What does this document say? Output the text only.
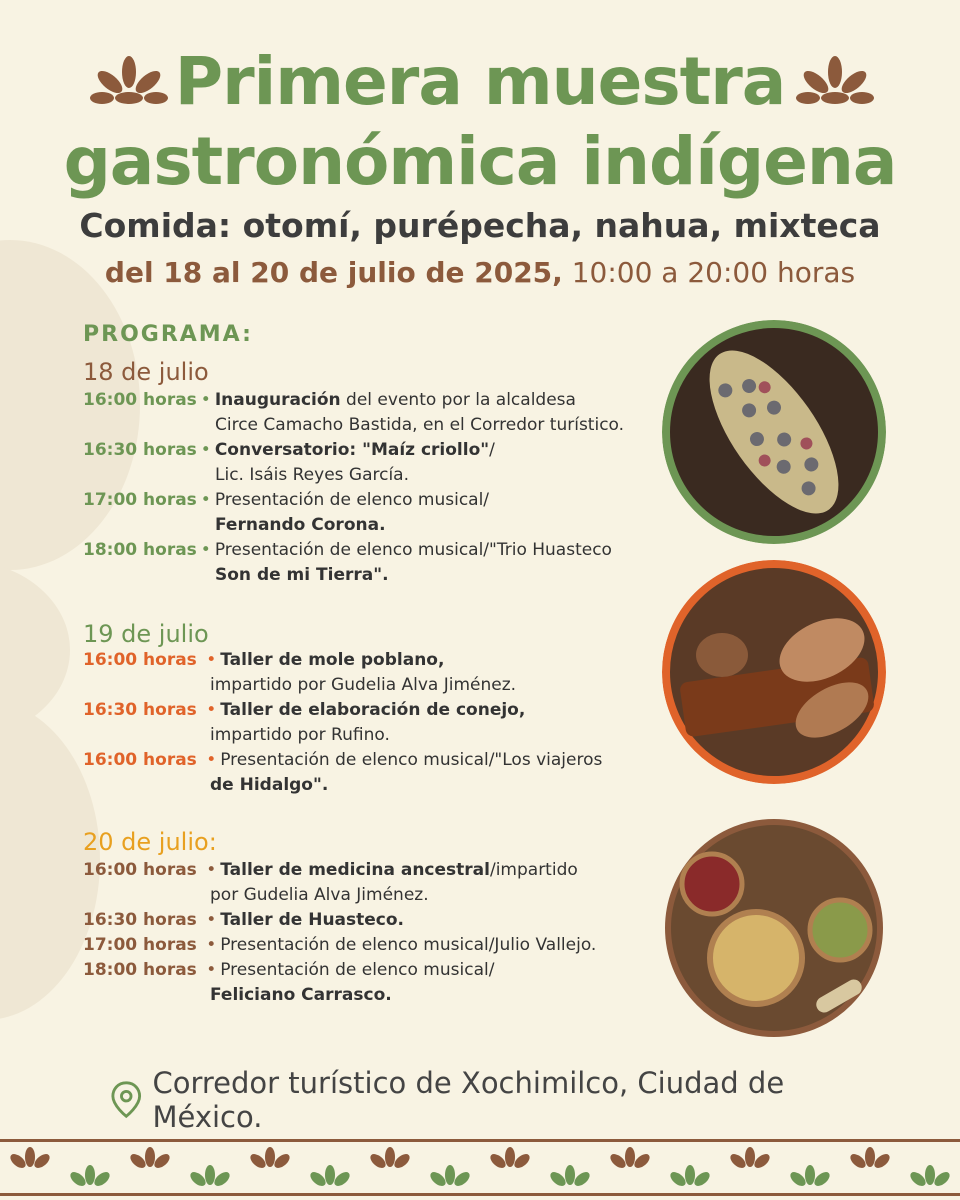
Primera muestra
gastronómica indígena
Comida: otomí, purépecha, nahua, mixteca
del 18 al 20 de julio de 2025, 10:00 a 20:00 horas
PROGRAMA:
18 de julio
16:00 horas • Inauguración del evento por la alcaldesa
Circe Camacho Bastida, en el Corredor turístico.
16:30 horas • Conversatorio: "Maíz criollo"/
Lic. Isáis Reyes García.
17:00 horas • Presentación de elenco musical/
Fernando Corona.
18:00 horas • Presentación de elenco musical/"Trio Huasteco
Son de mi Tierra".
19 de julio
16:00 horas • Taller de mole poblano,
impartido por Gudelia Alva Jiménez.
16:30 horas • Taller de elaboración de conejo,
impartido por Rufino.
16:00 horas • Presentación de elenco musical/"Los viajeros
de Hidalgo".
20 de julio:
16:00 horas • Taller de medicina ancestral/impartido
por Gudelia Alva Jiménez.
16:30 horas • Taller de Huasteco.
17:00 horas • Presentación de elenco musical/Julio Vallejo.
18:00 horas • Presentación de elenco musical/
Feliciano Carrasco.
Corredor turístico de Xochimilco, Ciudad de México.
